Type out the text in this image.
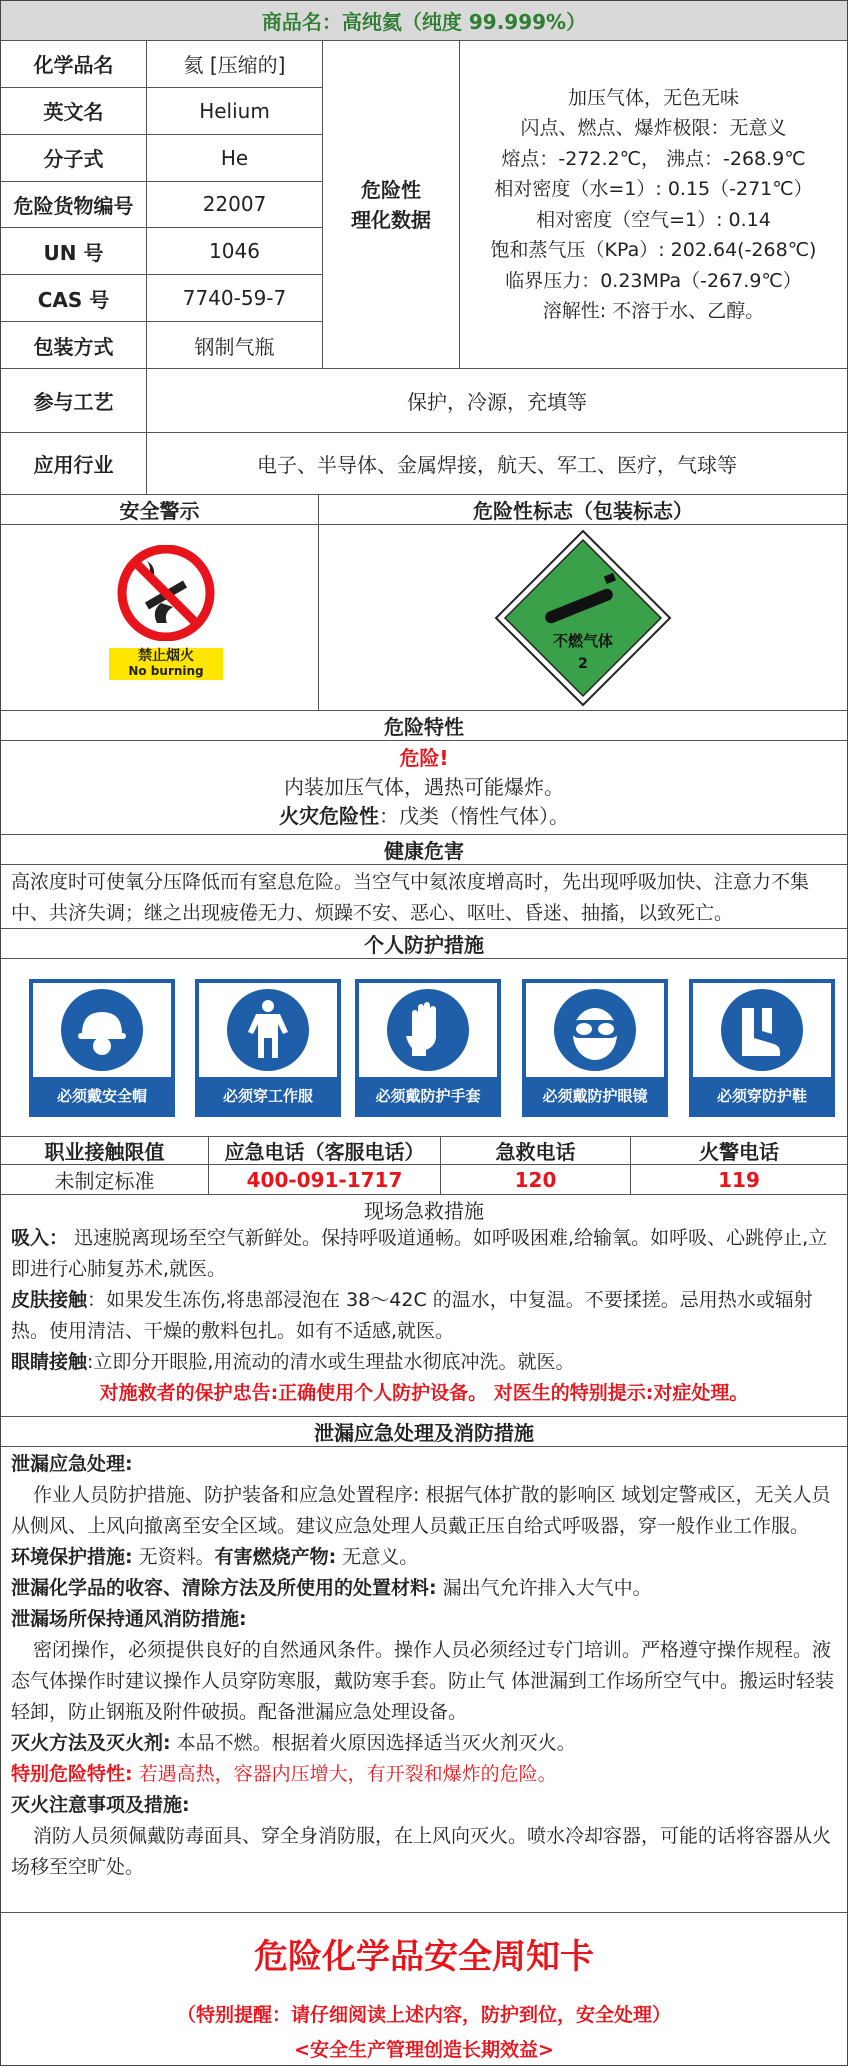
商品名：高纯氦（纯度 99.999%）
化学品名	氦 [压缩的]
英文名	Helium
分子式	He
危险货物编号	22007
UN 号	1046
CAS 号	7740-59-7
包装方式	钢制气瓶
危险性
理化数据
加压气体，无色无味
闪点、燃点、爆炸极限：无意义
熔点：-272.2℃， 沸点：-268.9℃
相对密度（水=1）: 0.15（-271℃）
相对密度（空气=1）: 0.14
饱和蒸气压（KPa）: 202.64(-268℃)
临界压力：0.23MPa（-267.9℃）
溶解性: 不溶于水、乙醇。
参与工艺	保护，冷源，充填等
应用行业	电子、半导体、金属焊接，航天、军工、医疗，气球等
安全警示	危险性标志（包装标志）
禁止烟火
No burning
不燃气体
2
危险特性
危险!
内装加压气体，遇热可能爆炸。
火灾危险性：戊类（惰性气体）。
健康危害

高浓度时可使氧分压降低而有窒息危险。当空气中氦浓度增高时，先出现呼吸加快、注意力不集中、共济失调；继之出现疲倦无力、烦躁不安、恶心、呕吐、昏迷、抽搐，以致死亡。

个人防护措施
必须戴安全帽	必须穿工作服	必须戴防护手套	必须戴防护眼镜	必须穿防护鞋
职业接触限值	应急电话（客服电话）	急救电话	火警电话
未制定标准	400-091-1717	120	119
现场急救措施

吸入： 迅速脱离现场至空气新鲜处。保持呼吸道通畅。如呼吸困难,给输氧。如呼吸、心跳停止,立即进行心肺复苏术,就医。

皮肤接触：如果发生冻伤,将患部浸泡在 38～42C 的温水，中复温。不要揉搓。忌用热水或辐射热。使用清洁、干燥的敷料包扎。如有不适感,就医。

眼睛接触:立即分开眼脸,用流动的清水或生理盐水彻底冲洗。就医。

对施救者的保护忠告:正确使用个人防护设备。 对医生的特别提示:对症处理。

泄漏应急处理及消防措施

泄漏应急处理:

作业人员防护措施、防护装备和应急处置程序: 根据气体扩散的影响区 域划定警戒区，无关人员从侧风、上风向撤离至安全区域。建议应急处理人员戴正压自给式呼吸器，穿一般作业工作服。

环境保护措施: 无资料。有害燃烧产物: 无意义。

泄漏化学品的收容、清除方法及所使用的处置材料: 漏出气允许排入大气中。

泄漏场所保持通风消防措施:

密闭操作，必须提供良好的自然通风条件。操作人员必须经过专门培训。严格遵守操作规程。液态气体操作时建议操作人员穿防寒服，戴防寒手套。防止气 体泄漏到工作场所空气中。搬运时轻装轻卸，防止钢瓶及附件破损。配备泄漏应急处理设备。

灭火方法及灭火剂: 本品不燃。根据着火原因选择适当灭火剂灭火。

特别危险特性: 若遇高热，容器内压增大，有开裂和爆炸的危险。

灭火注意事项及措施:

消防人员须佩戴防毒面具、穿全身消防服，在上风向灭火。喷水冷却容器，可能的话将容器从火场移至空旷处。

危险化学品安全周知卡
（特别提醒：请仔细阅读上述内容，防护到位，安全处理）
<安全生产管理创造长期效益>
